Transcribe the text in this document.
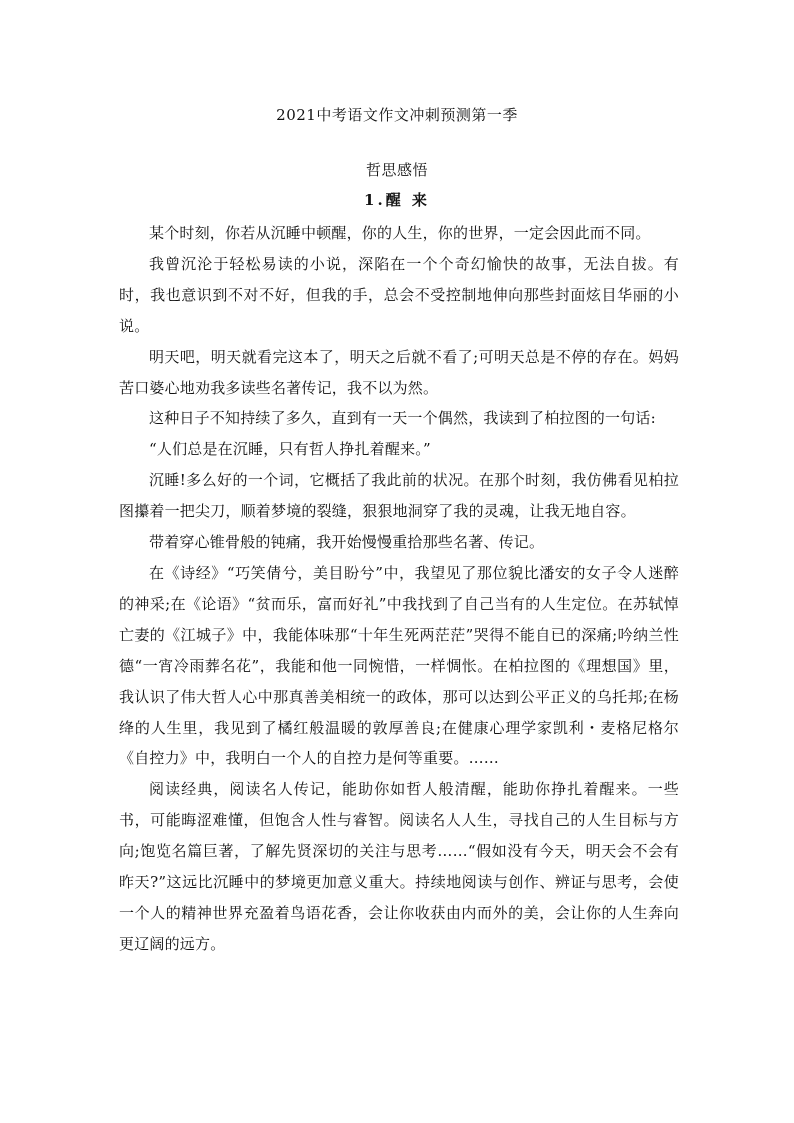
2021中考语文作文冲刺预测第一季
哲思感悟
1.醒 来

某个时刻，你若从沉睡中顿醒，你的人生，你的世界，一定会因此而不同。

我曾沉沦于轻松易读的小说，深陷在一个个奇幻愉快的故事，无法自拔。有时，我也意识到不对不好，但我的手，总会不受控制地伸向那些封面炫目华丽的小说。

明天吧，明天就看完这本了，明天之后就不看了;可明天总是不停的存在。妈妈苦口婆心地劝我多读些名著传记，我不以为然。

这种日子不知持续了多久，直到有一天一个偶然，我读到了柏拉图的一句话:

“人们总是在沉睡，只有哲人挣扎着醒来。”

沉睡!多么好的一个词，它概括了我此前的状况。在那个时刻，我仿佛看见柏拉图攥着一把尖刀，顺着梦境的裂缝，狠狠地洞穿了我的灵魂，让我无地自容。

带着穿心锥骨般的钝痛，我开始慢慢重拾那些名著、传记。

在《诗经》“巧笑倩兮，美目盼兮”中，我望见了那位貌比潘安的女子令人迷醉的神采;在《论语》“贫而乐，富而好礼”中我找到了自己当有的人生定位。在苏轼悼亡妻的《江城子》中，我能体味那“十年生死两茫茫”哭得不能自已的深痛;吟纳兰性德“一宵冷雨葬名花”，我能和他一同惋惜，一样惆怅。在柏拉图的《理想国》里，我认识了伟大哲人心中那真善美相统一的政体，那可以达到公平正义的乌托邦;在杨绛的人生里，我见到了橘红般温暖的敦厚善良;在健康心理学家凯利・麦格尼格尔《自控力》中，我明白一个人的自控力是何等重要。……

阅读经典，阅读名人传记，能助你如哲人般清醒，能助你挣扎着醒来。一些书，可能晦涩难懂，但饱含人性与睿智。阅读名人人生，寻找自己的人生目标与方向;饱览名篇巨著，了解先贤深切的关注与思考……“假如没有今天，明天会不会有昨天?”这远比沉睡中的梦境更加意义重大。持续地阅读与创作、辨证与思考，会使一个人的精神世界充盈着鸟语花香，会让你收获由内而外的美，会让你的人生奔向更辽阔的远方。
